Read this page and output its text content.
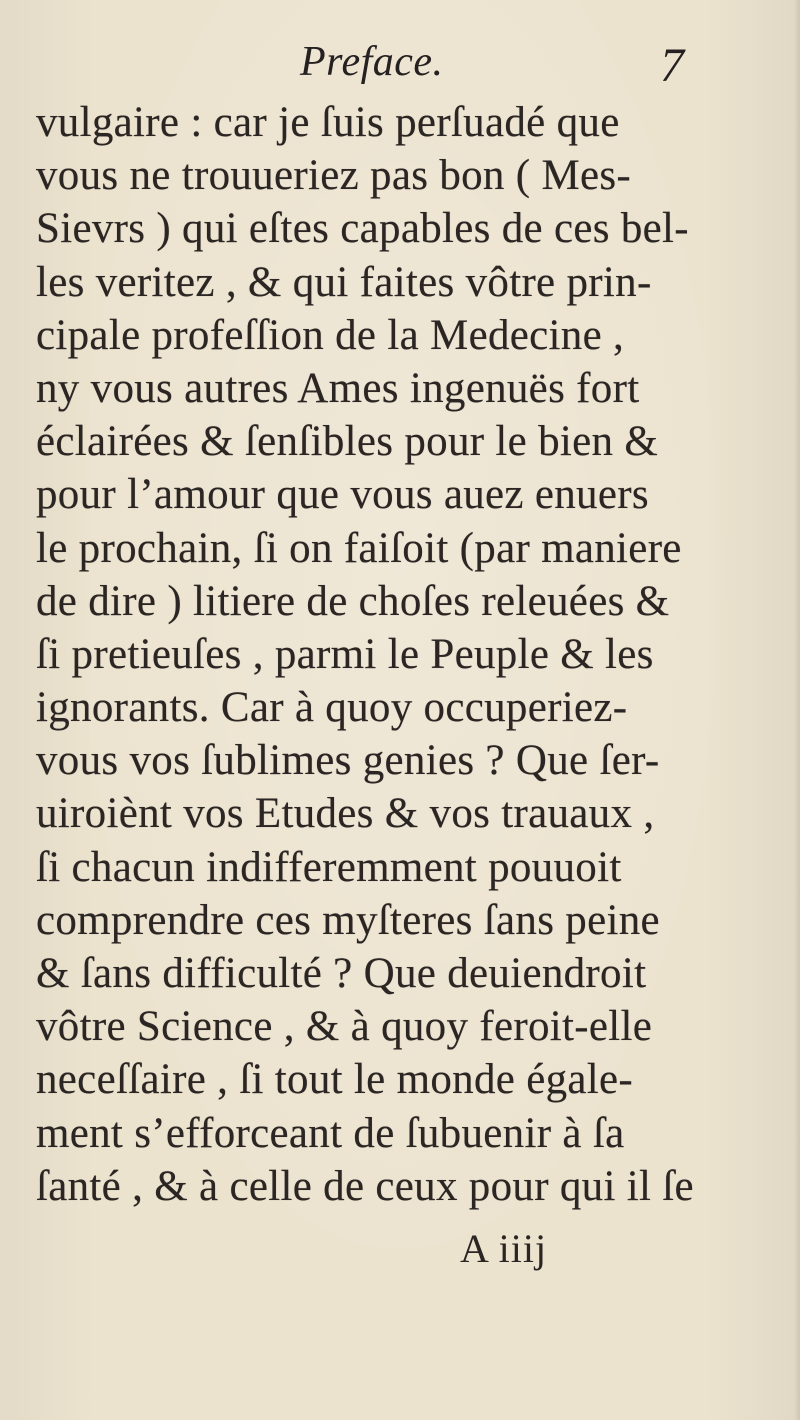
Preface.	7
vulgaire : car je ſuis perſuadé que
vous ne trouueriez pas bon ( Mes-
Sievrs ) qui eſtes capables de ces bel-
les veritez , & qui faites vôtre prin-
cipale profeſſion de la Medecine ,
ny vous autres Ames ingenuës fort
éclairées & ſenſibles pour le bien &
pour l’amour que vous auez enuers
le prochain, ſi on faiſoit (par maniere
de dire ) litiere de choſes releuées &
ſi pretieuſes , parmi le Peuple & les
ignorants. Car à quoy occuperiez-
vous vos ſublimes genies ? Que ſer-
uiroiènt vos Etudes & vos trauaux ,
ſi chacun indifferemment pouuoit
comprendre ces myſteres ſans peine
& ſans difficulté ? Que deuiendroit
vôtre Science , & à quoy feroit-elle
neceſſaire , ſi tout le monde égale-
ment s’efforceant de ſubuenir à ſa
ſanté , & à celle de ceux pour qui il ſe
A iiij
